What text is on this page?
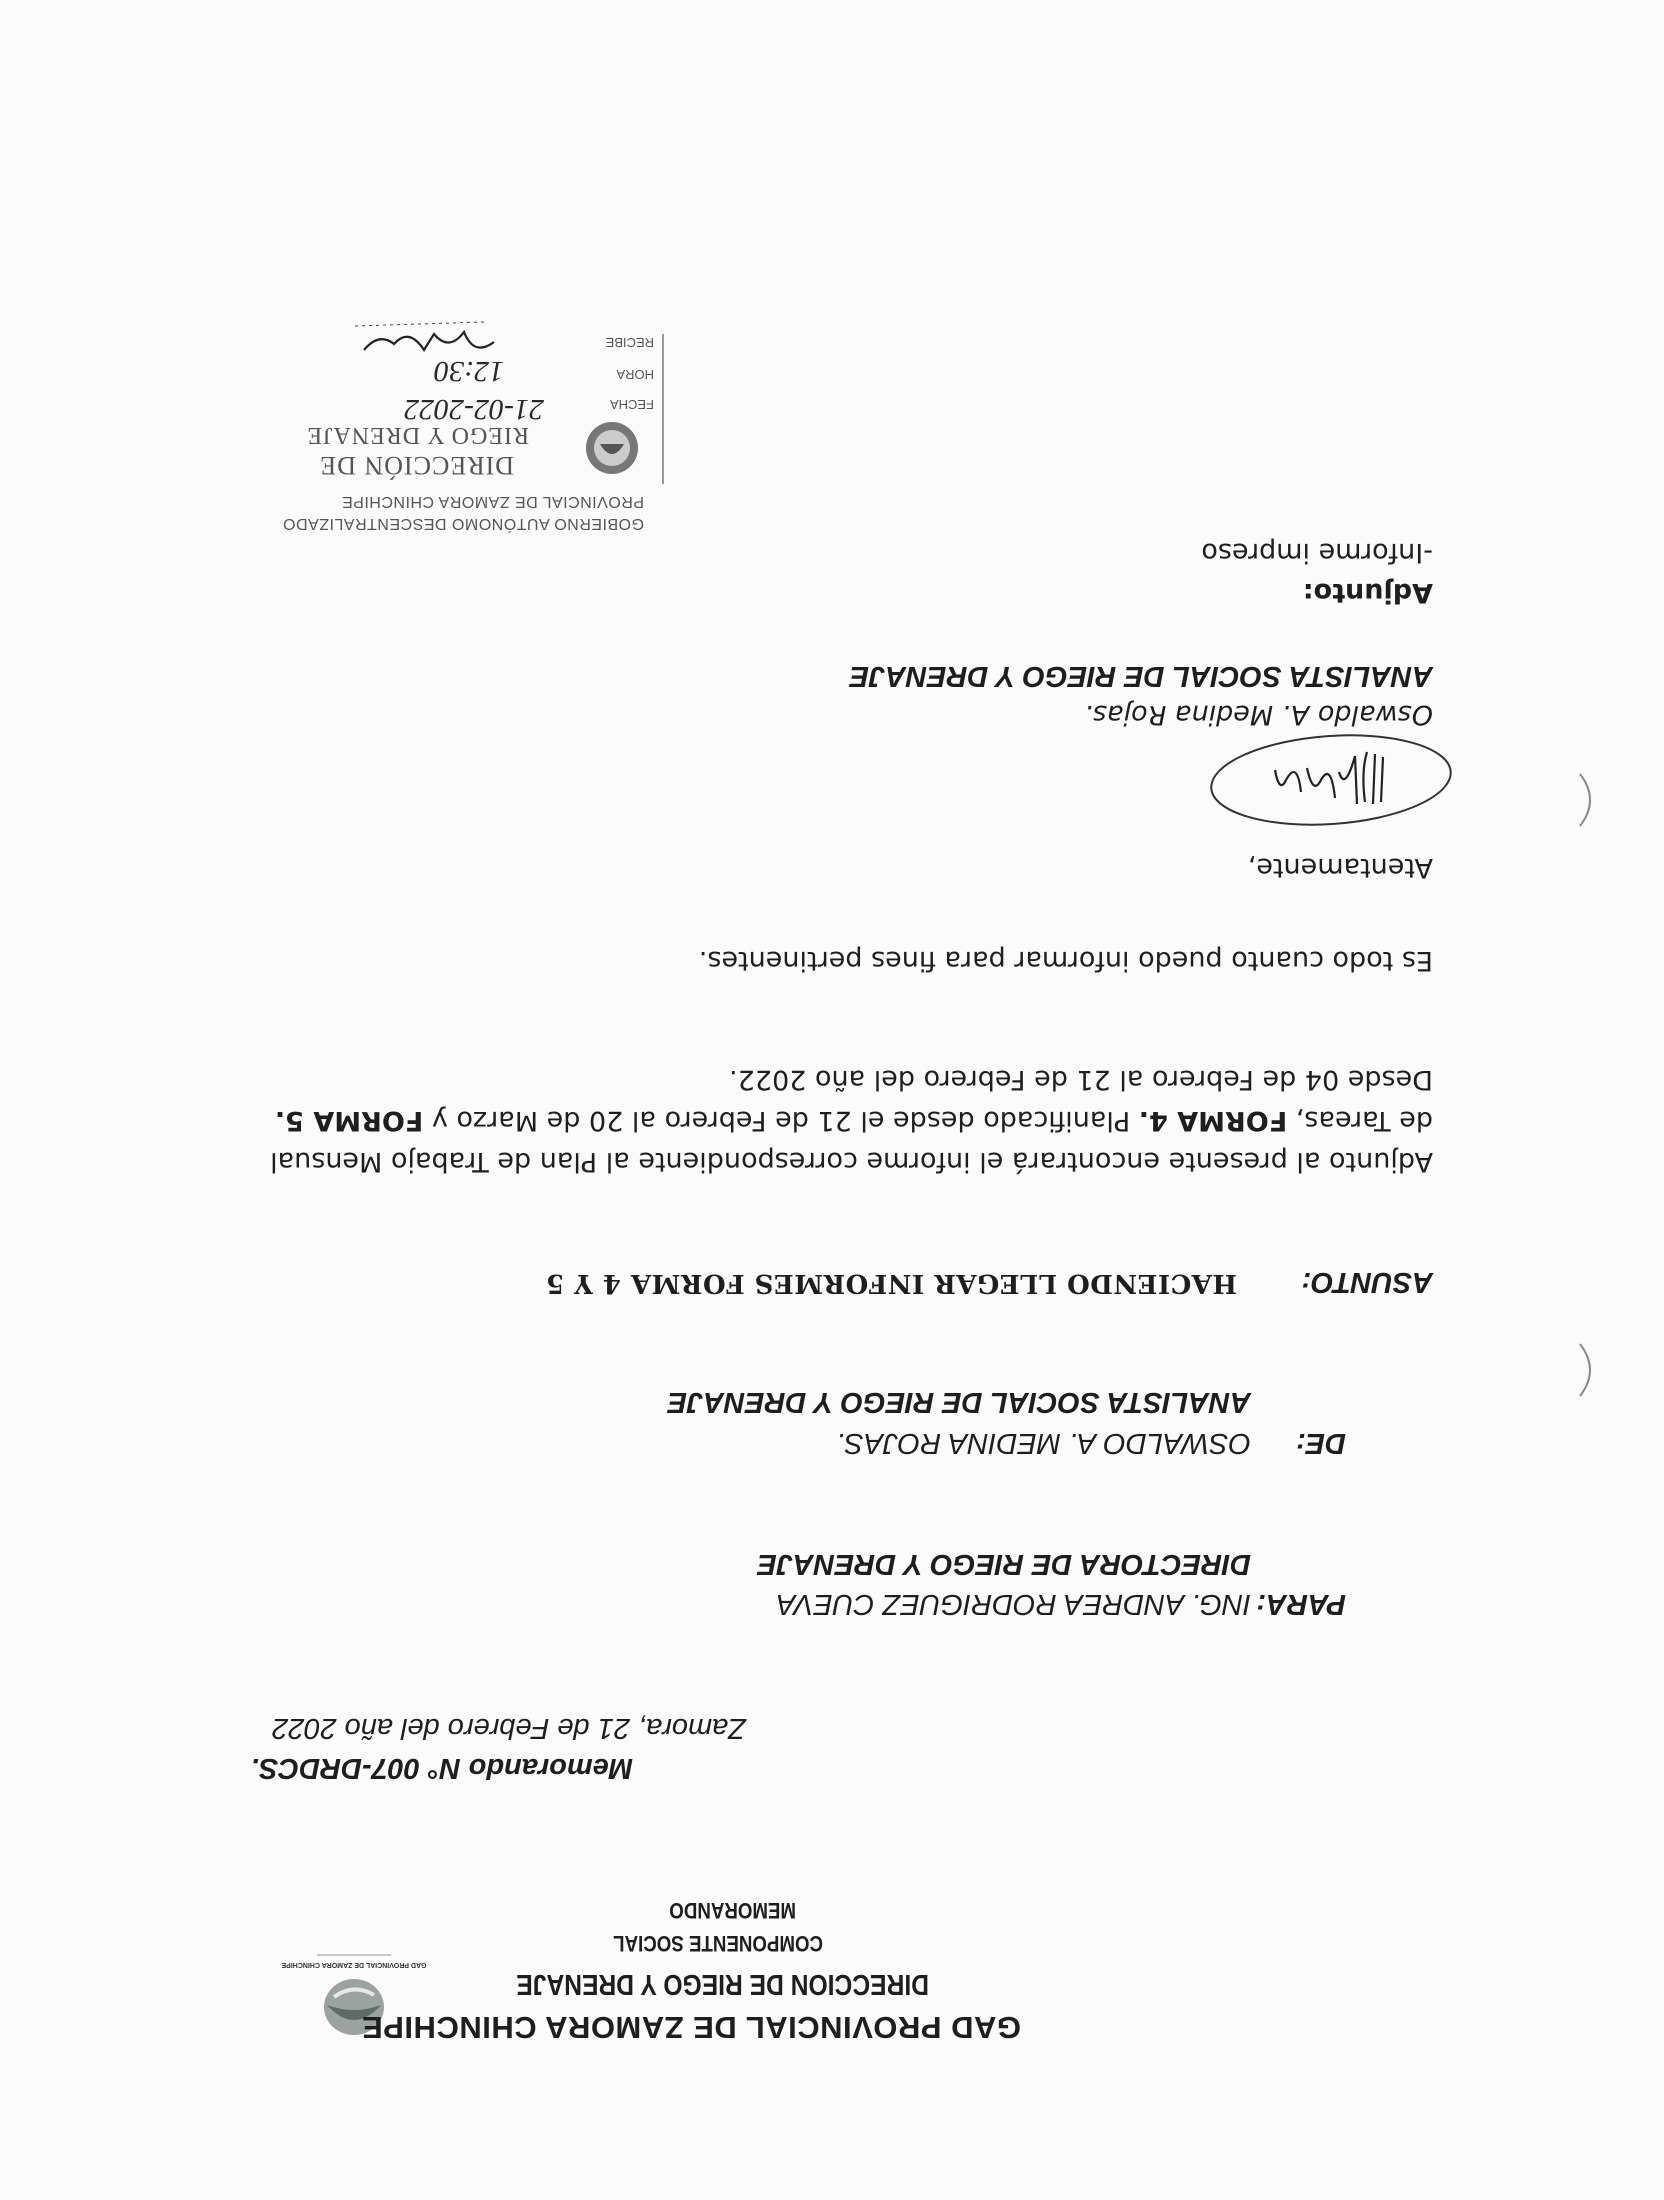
GAD PROVINCIAL DE ZAMORA CHINCHIPE
GAD PROVINCIAL DE ZAMORA CHINCHIPE
DIRECCION DE RIEGO Y DRENAJE
COMPONENTE SOCIAL
MEMORANDO
Memorando N° 007-DRDCS.
Zamora, 21 de Febrero del año 2022
PARA:
ING. ANDREA RODRIGUEZ CUEVA
DIRECTORA DE RIEGO Y DRENAJE
DE:
OSWALDO A. MEDINA ROJAS.
ANALISTA SOCIAL DE RIEGO Y DRENAJE
ASUNTO:
HACIENDO LLEGAR INFORMES FORMA 4 Y 5
Adjunto al presente encontrará el informe correspondiente al Plan de Trabajo Mensual de Tareas, FORMA 4. Planificado desde el 21 de Febrero al 20 de Marzo y FORMA 5. Desde 04 de Febrero al 21 de Febrero del año 2022.
Es todo cuanto puedo informar para fines pertinentes.
Atentamente,
Oswaldo A. Medina Rojas.
ANALISTA SOCIAL DE RIEGO Y DRENAJE
Adjunto:
-Informe impreso
GOBIERNO AUTÓNOMO DESCENTRALIZADO
PROVINCIAL DE ZAMORA CHINCHIPE
DIRECCIÓN DE
RIEGO Y DRENAJE
FECHA
21-02-2022
HORA
12:30
RECIBE
